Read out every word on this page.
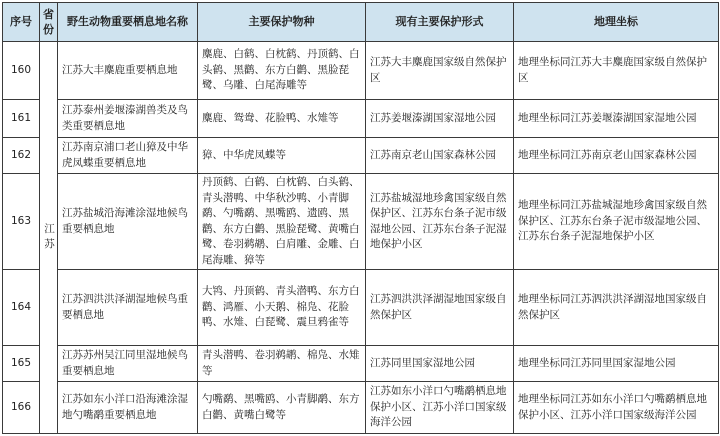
序号	省份	野生动物重要栖息地名称	主要保护物种	现有主要保护形式	地理坐标
160	江苏	江苏大丰麋鹿重要栖息地	麋鹿、白鹤、白枕鹤、丹顶鹤、白头鹤、黑鹳、东方白鹳、黑脸琵鹭、乌雕、白尾海雕等	江苏大丰麋鹿国家级自然保护区	地理坐标同江苏大丰麋鹿国家级自然保护区
161		江苏泰州姜堰溱湖兽类及鸟类重要栖息地	麋鹿、鸳鸯、花脸鸭、水雉等	江苏姜堰溱湖国家湿地公园	地理坐标同江苏姜堰溱湖国家湿地公园
162		江苏南京浦口老山獐及中华虎凤蝶重要栖息地	獐、中华虎凤蝶等	江苏南京老山国家森林公园	地理坐标同江苏南京老山国家森林公园
163		江苏盐城沿海滩涂湿地候鸟重要栖息地	丹顶鹤、白鹤、白枕鹤、白头鹤、青头潜鸭、中华秋沙鸭、小青脚鹬、勺嘴鹬、黑嘴鸥、遗鸥、黑鹳、东方白鹳、黑脸琵鹭、黄嘴白鹭、卷羽鹈鹕、白肩雕、金雕、白尾海雕、獐等	江苏盐城湿地珍禽国家级自然保护区、江苏东台条子泥市级湿地公园、江苏东台条子泥湿地保护小区	地理坐标同江苏盐城湿地珍禽国家级自然保护区、江苏东台条子泥市级湿地公园、江苏东台条子泥湿地保护小区
164		江苏泗洪洪泽湖湿地候鸟重要栖息地	大鸨、丹顶鹤、青头潜鸭、东方白鹳、鸿雁、小天鹅、棉凫、花脸鸭、水雉、白琵鹭、震旦鸦雀等	江苏泗洪洪泽湖湿地国家级自然保护区	地理坐标同江苏泗洪洪泽湖湿地国家级自然保护区
165		江苏苏州吴江同里湿地候鸟重要栖息地	青头潜鸭、卷羽鹈鹕、棉凫、水雉等	江苏同里国家湿地公园	地理坐标同江苏同里国家湿地公园
166		江苏如东小洋口沿海滩涂湿地勺嘴鹬重要栖息地	勺嘴鹬、黑嘴鸥、小青脚鹬、东方白鹳、黄嘴白鹭等	江苏如东小洋口勺嘴鹬栖息地保护小区、江苏小洋口国家级海洋公园	地理坐标同江苏如东小洋口勺嘴鹬栖息地保护小区、江苏小洋口国家级海洋公园
